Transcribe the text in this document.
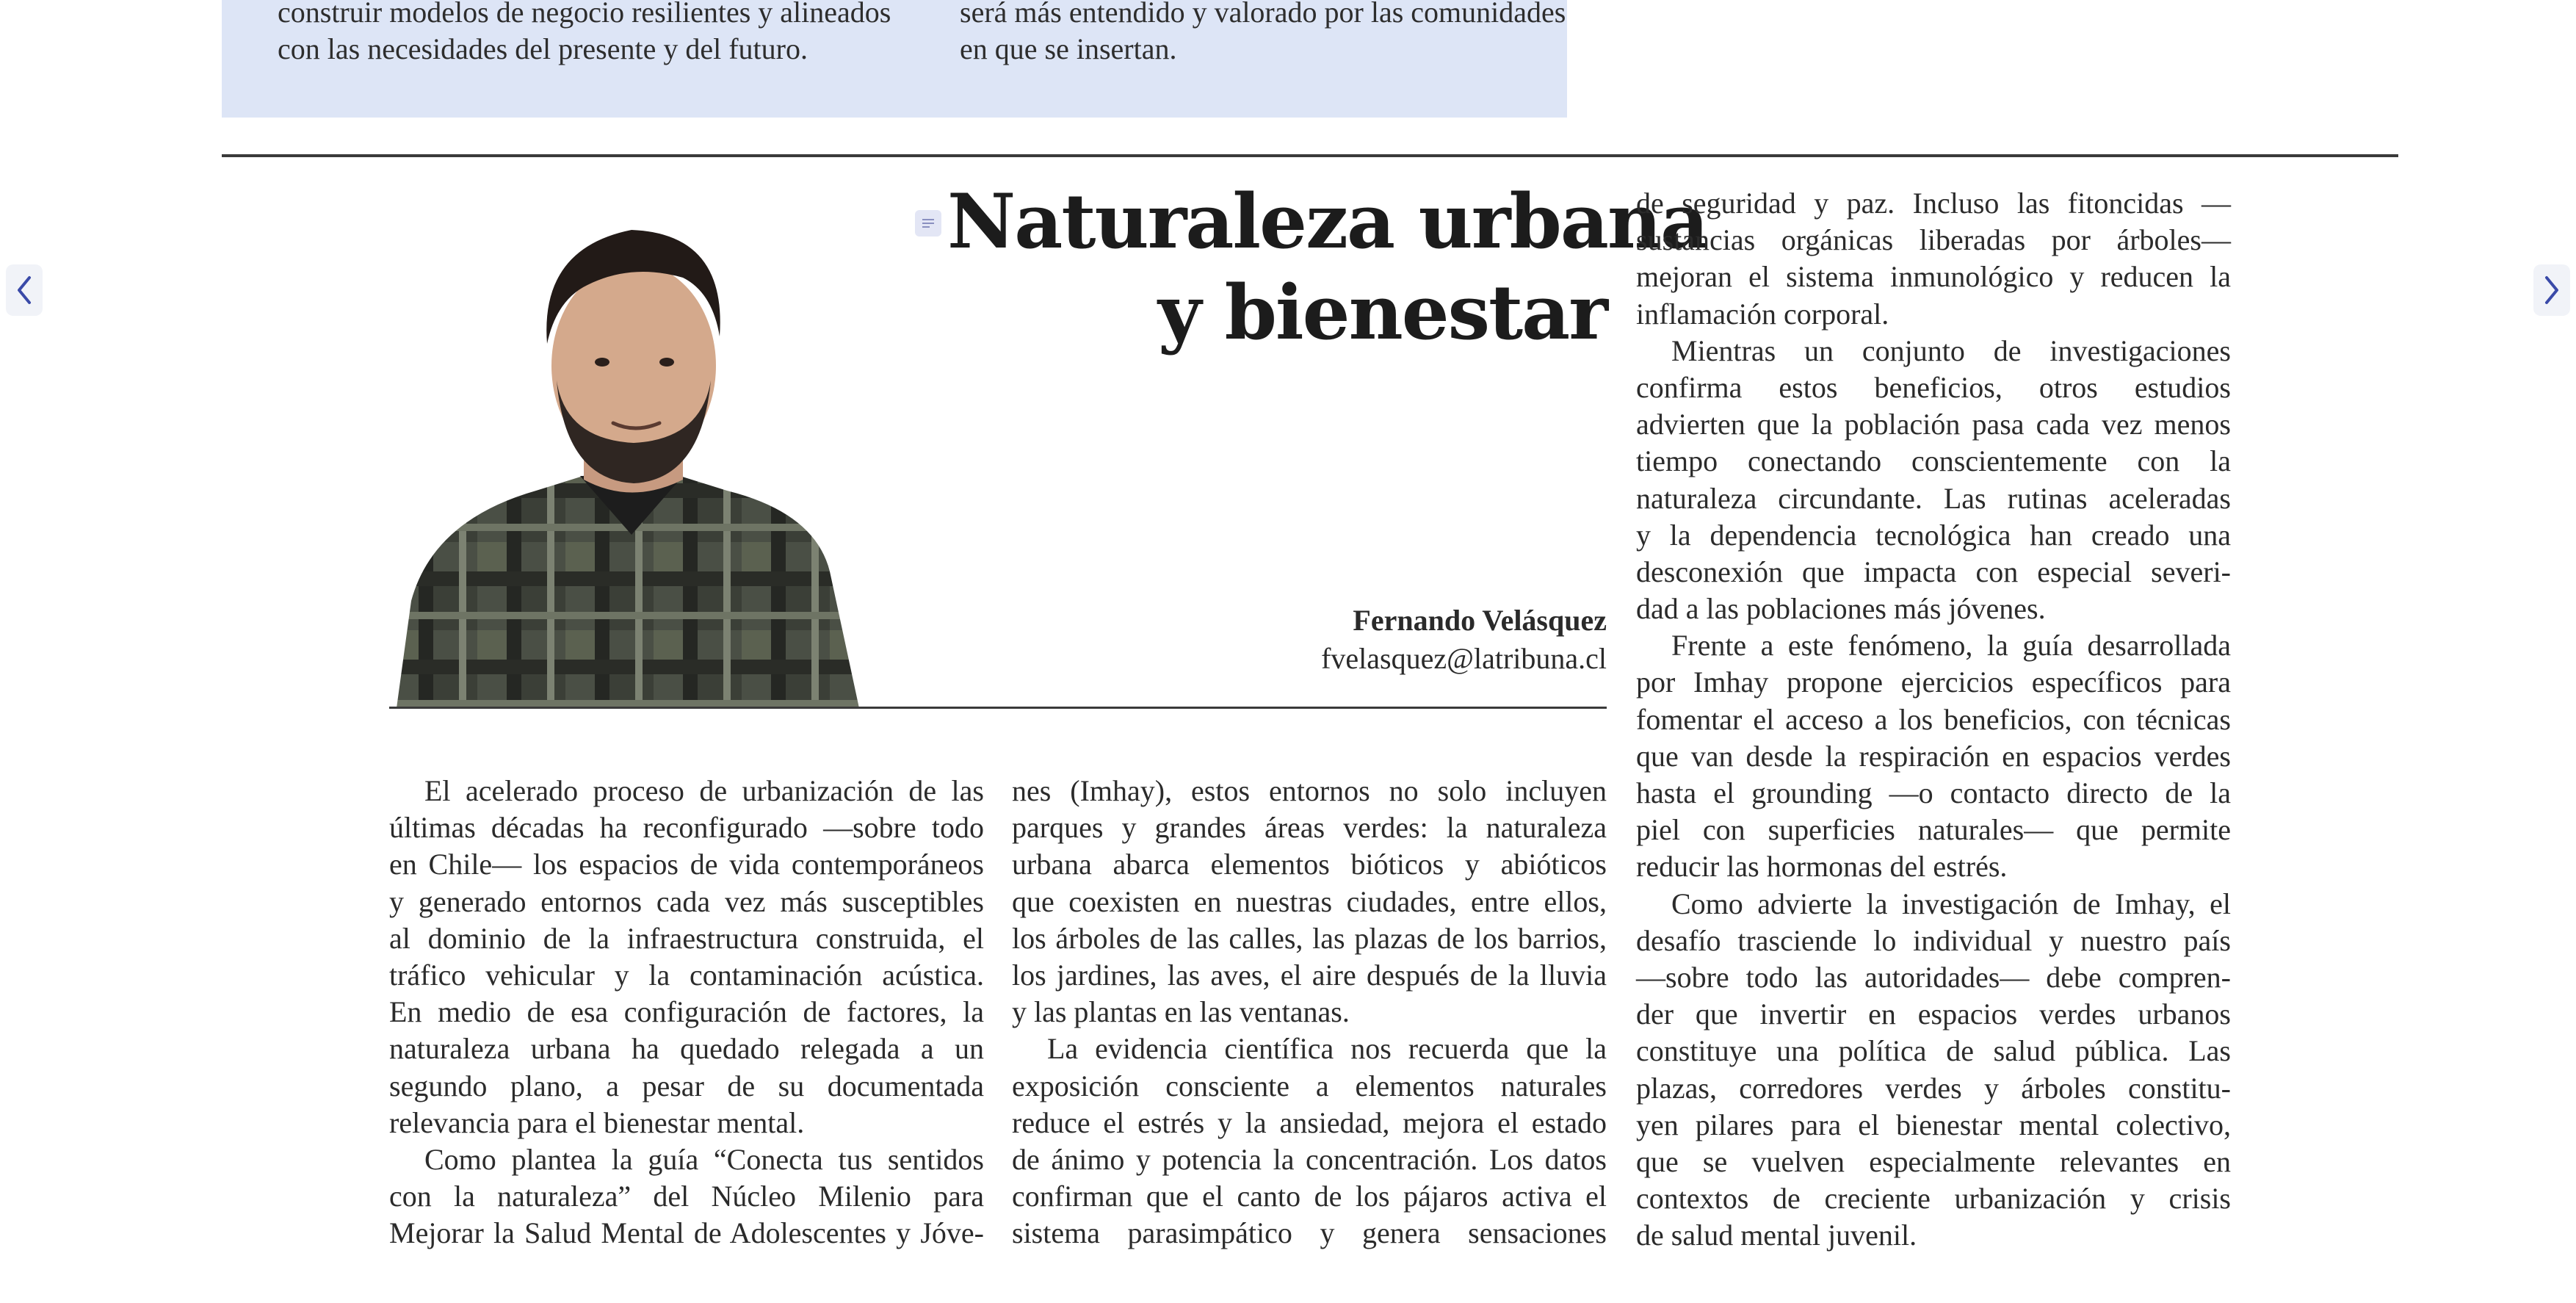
construir modelos de negocio resilientes y alineados
con las necesidades del presente y del futuro.
será más entendido y valorado por las comunidades
en que se insertan.
Naturaleza urbana
y bienestar
Fernando Velásquez
fvelasquez@latribuna.cl
El acelerado proceso de urbanización de las
últimas décadas ha reconfigurado —sobre todo
en Chile— los espacios de vida contemporáneos
y generado entornos cada vez más susceptibles
al dominio de la infraestructura construida, el
tráfico vehicular y la contaminación acústica.
En medio de esa configuración de factores, la
naturaleza urbana ha quedado relegada a un
segundo plano, a pesar de su documentada
relevancia para el bienestar mental.
Como plantea la guía “Conecta tus sentidos
con la naturaleza” del Núcleo Milenio para
Mejorar la Salud Mental de Adolescentes y Jóve-
nes (Imhay), estos entornos no solo incluyen
parques y grandes áreas verdes: la naturaleza
urbana abarca elementos bióticos y abióticos
que coexisten en nuestras ciudades, entre ellos,
los árboles de las calles, las plazas de los barrios,
los jardines, las aves, el aire después de la lluvia
y las plantas en las ventanas.
La evidencia científica nos recuerda que la
exposición consciente a elementos naturales
reduce el estrés y la ansiedad, mejora el estado
de ánimo y potencia la concentración. Los datos
confirman que el canto de los pájaros activa el
sistema parasimpático y genera sensaciones
de seguridad y paz. Incluso las fitoncidas —
sustancias orgánicas liberadas por árboles—
mejoran el sistema inmunológico y reducen la
inflamación corporal.
Mientras un conjunto de investigaciones
confirma estos beneficios, otros estudios
advierten que la población pasa cada vez menos
tiempo conectando conscientemente con la
naturaleza circundante. Las rutinas aceleradas
y la dependencia tecnológica han creado una
desconexión que impacta con especial severi-
dad a las poblaciones más jóvenes.
Frente a este fenómeno, la guía desarrollada
por Imhay propone ejercicios específicos para
fomentar el acceso a los beneficios, con técnicas
que van desde la respiración en espacios verdes
hasta el grounding —o contacto directo de la
piel con superficies naturales— que permite
reducir las hormonas del estrés.
Como advierte la investigación de Imhay, el
desafío trasciende lo individual y nuestro país
—sobre todo las autoridades— debe compren-
der que invertir en espacios verdes urbanos
constituye una política de salud pública. Las
plazas, corredores verdes y árboles constitu-
yen pilares para el bienestar mental colectivo,
que se vuelven especialmente relevantes en
contextos de creciente urbanización y crisis
de salud mental juvenil.
